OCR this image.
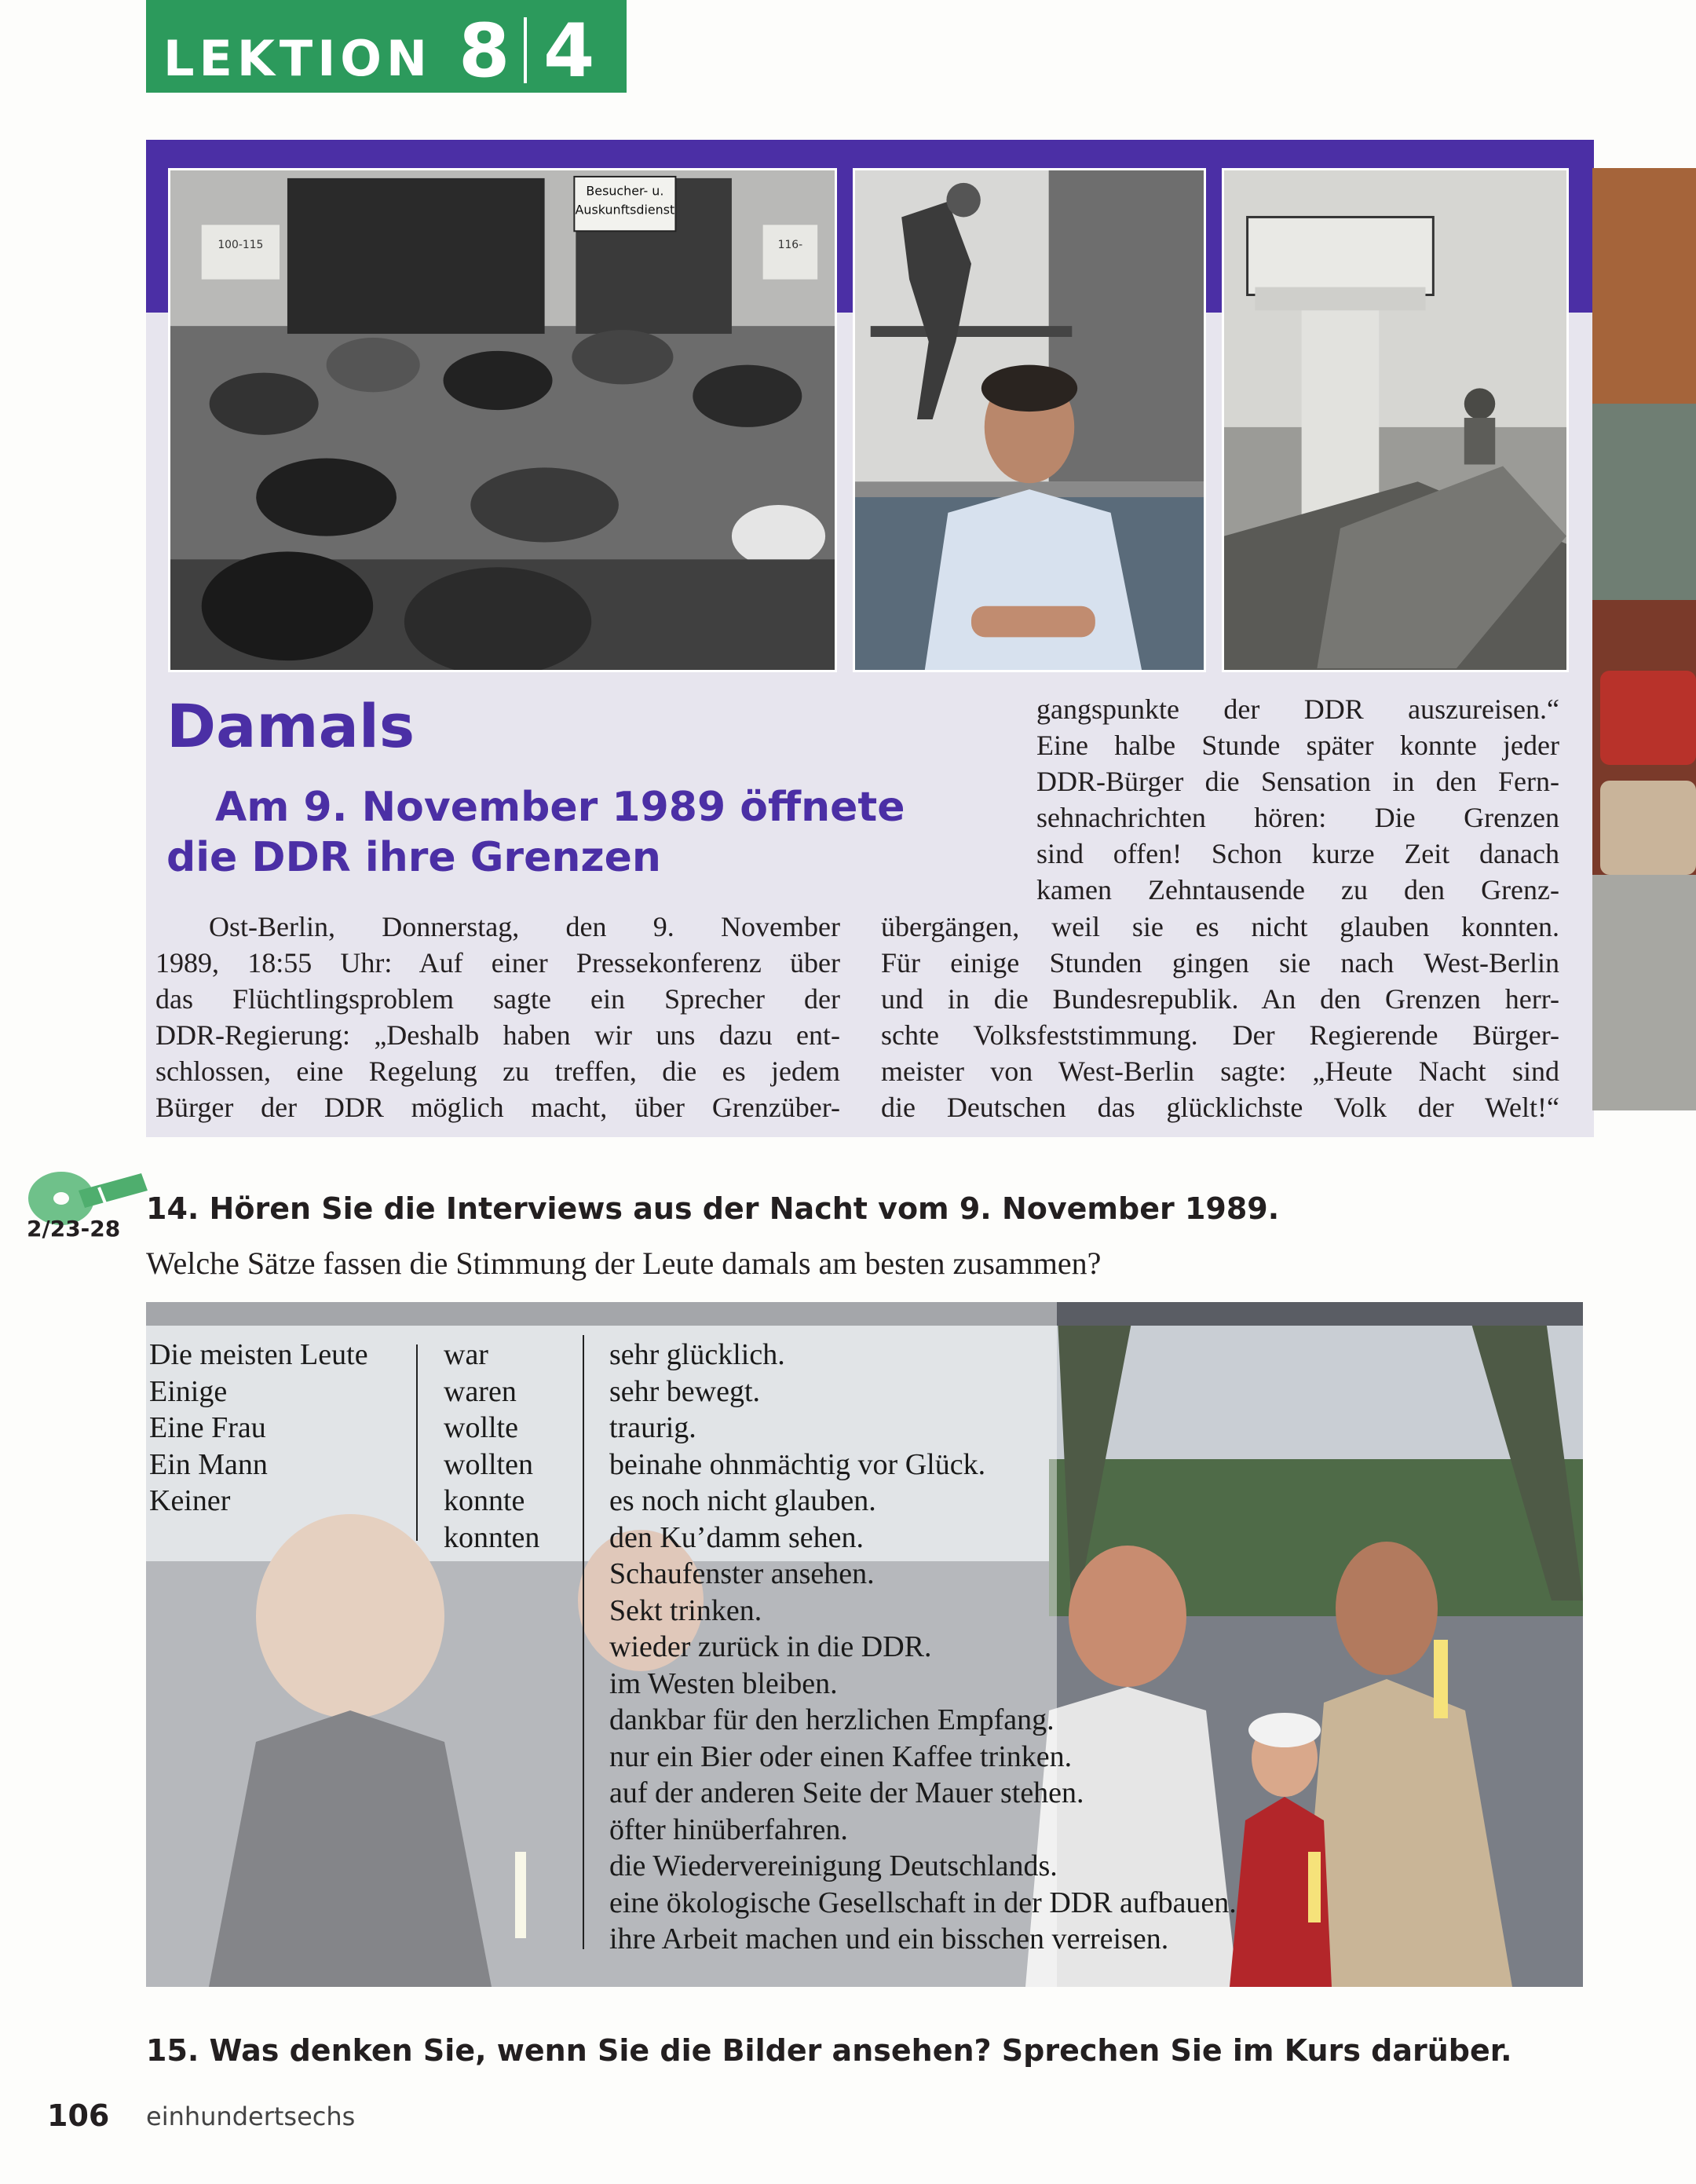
LEKTION 8 4
Besucher- u.
Auskunftsdienst
100-115	116-
Damals
Am 9. November 1989 öffnete
die DDR ihre Grenzen
Ost-Berlin, Donnerstag, den 9. November
1989, 18:55 Uhr: Auf einer Pressekonferenz über
das Flüchtlingsproblem sagte ein Sprecher der
DDR-Regierung: „Deshalb haben wir uns dazu ent-
schlossen, eine Regelung zu treffen, die es jedem
Bürger der DDR möglich macht, über Grenzüber-
gangspunkte der DDR auszureisen.“
Eine halbe Stunde später konnte jeder
DDR-Bürger die Sensation in den Fern-
sehnachrichten hören: Die Grenzen
sind offen! Schon kurze Zeit danach
kamen Zehntausende zu den Grenz-
übergängen, weil sie es nicht glauben konnten.
Für einige Stunden gingen sie nach West-Berlin
und in die Bundesrepublik. An den Grenzen herr-
schte Volksfeststimmung. Der Regierende Bürger-
meister von West-Berlin sagte: „Heute Nacht sind
die Deutschen das glücklichste Volk der Welt!“
2/23-28
14. Hören Sie die Interviews aus der Nacht vom 9. November 1989.
Welche Sätze fassen die Stimmung der Leute damals am besten zusammen?
Die meisten Leute
Einige
Eine Frau
Ein Mann
Keiner
war
waren
wollte
wollten
konnte
konnten
sehr glücklich.
sehr bewegt.
traurig.
beinahe ohnmächtig vor Glück.
es noch nicht glauben.
den Ku’damm sehen.
Schaufenster ansehen.
Sekt trinken.
wieder zurück in die DDR.
im Westen bleiben.
dankbar für den herzlichen Empfang.
nur ein Bier oder einen Kaffee trinken.
auf der anderen Seite der Mauer stehen.
öfter hinüberfahren.
die Wiedervereinigung Deutschlands.
eine ökologische Gesellschaft in der DDR aufbauen.
ihre Arbeit machen und ein bisschen verreisen.
15. Was denken Sie, wenn Sie die Bilder ansehen? Sprechen Sie im Kurs darüber.
106 einhundertsechs
